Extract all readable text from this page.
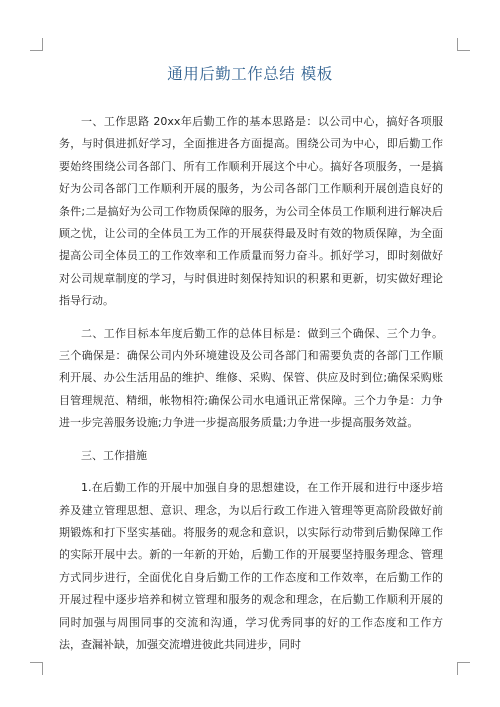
通用后勤工作总结 模板

一、工作思路 20xx年后勤工作的基本思路是：以公司中心，搞好各项服务，与时俱进抓好学习，全面推进各方面提高。围绕公司为中心，即后勤工作要始终围绕公司各部门、所有工作顺利开展这个中心。搞好各项服务，一是搞好为公司各部门工作顺利开展的服务，为公司各部门工作顺利开展创造良好的条件;二是搞好为公司工作物质保障的服务，为公司全体员工作顺利进行解决后顾之忧，让公司的全体员工为工作的开展获得最及时有效的物质保障，为全面提高公司全体员工的工作效率和工作质量而努力奋斗。抓好学习，即时刻做好对公司规章制度的学习，与时俱进时刻保持知识的积累和更新，切实做好理论指导行动。

二、工作目标本年度后勤工作的总体目标是：做到三个确保、三个力争。三个确保是：确保公司内外环境建设及公司各部门和需要负责的各部门工作顺利开展、办公生活用品的维护、维修、采购、保管、供应及时到位;确保采购账目管理规范、精细，帐物相符;确保公司水电通讯正常保障。三个力争是：力争进一步完善服务设施;力争进一步提高服务质量;力争进一步提高服务效益。

三、工作措施

1.在后勤工作的开展中加强自身的思想建设，在工作开展和进行中逐步培养及建立管理思想、意识、理念，为以后行政工作进入管理等更高阶段做好前期锻炼和打下坚实基础。将服务的观念和意识，以实际行动带到后勤保障工作的实际开展中去。新的一年新的开始，后勤工作的开展要坚持服务理念、管理方式同步进行，全面优化自身后勤工作的工作态度和工作效率，在后勤工作的开展过程中逐步培养和树立管理和服务的观念和理念，在后勤工作顺利开展的同时加强与周围同事的交流和沟通，学习优秀同事的好的工作态度和工作方法，查漏补缺，加强交流增进彼此共同进步，同时
